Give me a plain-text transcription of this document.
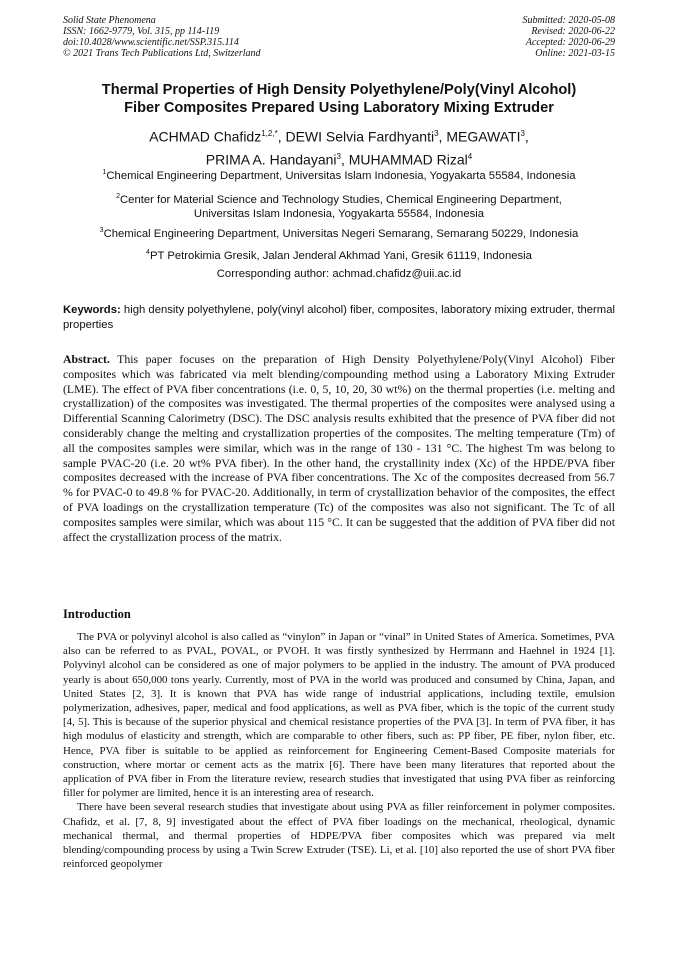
Solid State Phenomena
ISSN: 1662-9779, Vol. 315, pp 114-119
doi:10.4028/www.scientific.net/SSP.315.114
© 2021 Trans Tech Publications Ltd, Switzerland
Submitted: 2020-05-08
Revised: 2020-06-22
Accepted: 2020-06-29
Online: 2021-03-15
Thermal Properties of High Density Polyethylene/Poly(Vinyl Alcohol)
Fiber Composites Prepared Using Laboratory Mixing Extruder
ACHMAD Chafidz$^{1,2,*}$, DEWI Selvia Fardhyanti$^3$, MEGAWATI$^3$,
PRIMA A. Handayani$^3$, MUHAMMAD Rizal$^4$
$^1$Chemical Engineering Department, Universitas Islam Indonesia, Yogyakarta 55584, Indonesia
$^2$Center for Material Science and Technology Studies, Chemical Engineering Department,
Universitas Islam Indonesia, Yogyakarta 55584, Indonesia
$^3$Chemical Engineering Department, Universitas Negeri Semarang, Semarang 50229, Indonesia
$^4$PT Petrokimia Gresik, Jalan Jenderal Akhmad Yani, Gresik 61119, Indonesia
Corresponding author: achmad.chafidz@uii.ac.id
Keywords: high density polyethylene, poly(vinyl alcohol) fiber, composites, laboratory mixing extruder, thermal properties
Abstract. This paper focuses on the preparation of High Density Polyethylene/Poly(Vinyl Alcohol) Fiber composites which was fabricated via melt blending/compounding method using a Laboratory Mixing Extruder (LME). The effect of PVA fiber concentrations (i.e. 0, 5, 10, 20, 30 wt%) on the thermal properties (i.e. melting and crystallization) of the composites was investigated. The thermal properties of the composites were analysed using a Differential Scanning Calorimetry (DSC). The DSC analysis results exhibited that the presence of PVA fiber did not considerably change the melting and crystallization properties of the composites. The melting temperature (Tm) of all the composites samples were similar, which was in the range of 130 - 131 °C. The highest Tm was belong to sample PVAC-20 (i.e. 20 wt% PVA fiber). In the other hand, the crystallinity index (Xc) of the HPDE/PVA fiber composites decreased with the increase of PVA fiber concentrations. The Xc of the composites decreased from 56.7 % for PVAC-0 to 49.8 % for PVAC-20. Additionally, in term of crystallization behavior of the composites, the effect of PVA loadings on the crystallization temperature (Tc) of the composites was also not significant. The Tc of all composites samples were similar, which was about 115 °C. It can be suggested that the addition of PVA fiber did not affect the crystallization process of the matrix.
Introduction

The PVA or polyvinyl alcohol is also called as “vinylon” in Japan or “vinal” in United States of America. Sometimes, PVA also can be referred to as PVAL, POVAL, or PVOH. It was firstly synthesized by Herrmann and Haehnel in 1924 [1]. Polyvinyl alcohol can be considered as one of major polymers to be applied in the industry. The amount of PVA produced yearly is about 650,000 tons yearly. Currently, most of PVA in the world was produced and consumed by China, Japan, and United States [2, 3]. It is known that PVA has wide range of industrial applications, including textile, emulsion polymerization, adhesives, paper, medical and food applications, as well as PVA fiber, which is the topic of the current study [4, 5]. This is because of the superior physical and chemical resistance properties of the PVA [3]. In term of PVA fiber, it has high modulus of elasticity and strength, which are comparable to other fibers, such as: PP fiber, PE fiber, nylon fiber, etc. Hence, PVA fiber is suitable to be applied as reinforcement for Engineering Cement-Based Composite materials for construction, where mortar or cement acts as the matrix [6]. There have been many literatures that reported about the application of PVA fiber in From the literature review, research studies that investigated that using PVA fiber as reinforcing filler for polymer are limited, hence it is an interesting area of research.

There have been several research studies that investigate about using PVA as filler reinforcement in polymer composites. Chafidz, et al. [7, 8, 9] investigated about the effect of PVA fiber loadings on the mechanical, rheological, dynamic mechanical thermal, and thermal properties of HDPE/PVA fiber composites which was prepared via melt blending/compounding process by using a Twin Screw Extruder (TSE). Li, et al. [10] also reported the use of short PVA fiber reinforced geopolymer
